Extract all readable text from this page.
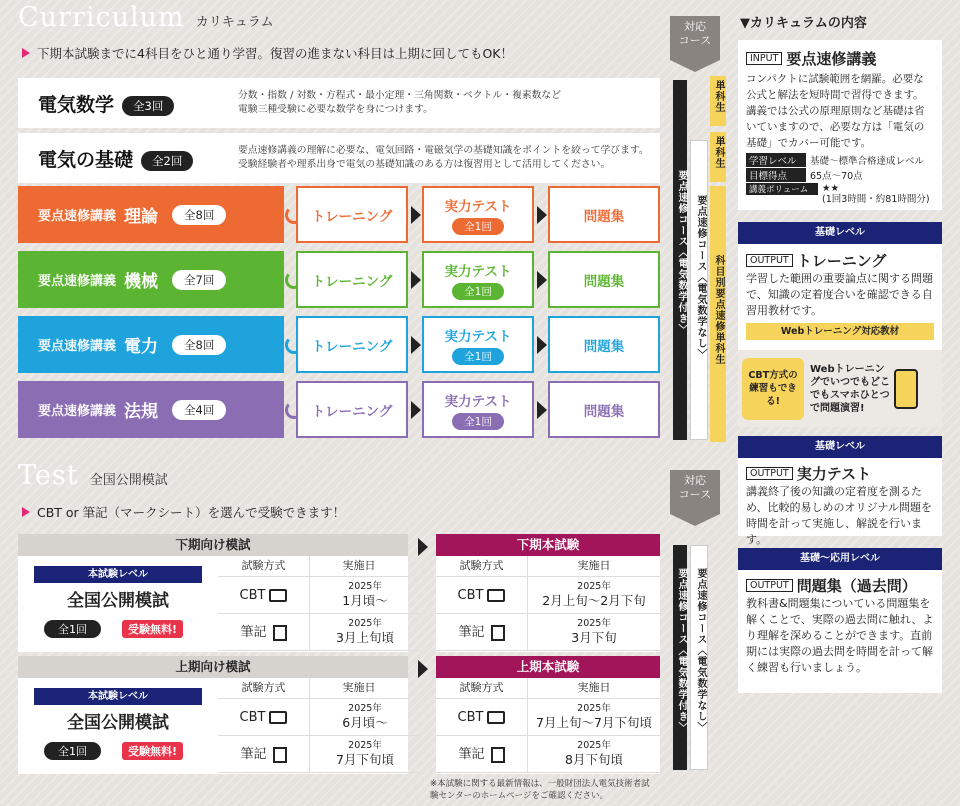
Curriculum カリキュラム
下期本試験までに4科目をひと通り学習。復習の進まない科目は上期に回してもOK！
対応
コース
電気数学 全3回
分数・指数 / 対数・方程式・最小定理・三角関数・ベクトル・複素数など
電験三種受験に必要な数学を身につけます。
電気の基礎 全2回
要点速修講義の理解に必要な、電気回路・電磁気学の基礎知識をポイントを絞って学びます。
受験経験者や理系出身で電気の基礎知識のある方は復習用として活用してください。
要点速修講義 理論	全8回	トレーニング
実力テスト
全1回
問題集
要点速修講義 機械	全7回	トレーニング
実力テスト
全1回
問題集
要点速修講義 電力	全8回	トレーニング
実力テスト
全1回
問題集
要点速修講義 法規	全4回	トレーニング
実力テスト
全1回
問題集
要点速修コース〈電気数学付き〉 要点速修コース〈電気数学なし〉
単科生
単科生
科目別要点速修単科生
Test 全国公開模試
CBT or 筆記（マークシート）を選んで受験できます！
対応
コース
下期向け模試
本試験レベル
全国公開模試
全1回	受験無料!
試験方式	実施日
CBT
2025年
1月頃〜
筆記
2025年
3月上旬頃
下期本試験
試験方式	実施日
CBT
2025年
2月上旬〜2月下旬
筆記
2025年
3月下旬
上期向け模試
本試験レベル
全国公開模試
全1回	受験無料!
試験方式	実施日
CBT
2025年
6月頃〜
筆記
2025年
7月下旬頃
上期本試験
試験方式	実施日
CBT
2025年
7月上旬〜7月下旬頃
筆記
2025年
8月下旬頃
要点速修コース〈電気数学付き〉 要点速修コース〈電気数学なし〉
※本試験に関する最新情報は、一般財団法人電気技術者試
験センターのホームページをご確認ください。
▼カリキュラムの内容
INPUT 要点速修講義
コンパクトに試験範囲を網羅。必要な公式と解法を短時間で習得できます。講義では公式の原理原則など基礎は省いていますので、必要な方は「電気の基礎」でカバー可能です。
学習レベル	基礎〜標準合格達成レベル
目標得点	65点〜70点
講義ボリューム	★★
(1回3時間・約81時間分)
基礎レベル
OUTPUT トレーニング
学習した範囲の重要論点に関する問題で、知識の定着度合いを確認できる自習用教材です。
Webトレーニング対応教材
CBT方式の練習もできる!
Webトレーニングでいつでもどこでもスマホひとつで問題演習!
基礎レベル
OUTPUT 実力テスト
講義終了後の知識の定着度を測るため、比較的易しめのオリジナル問題を時間を計って実施し、解説を行います。
基礎〜応用レベル
OUTPUT 問題集（過去問）
教科書&問題集についている問題集を解くことで、実際の過去問に触れ、より理解を深めることができます。直前期には実際の過去問を時間を計って解く練習も行いましょう。
